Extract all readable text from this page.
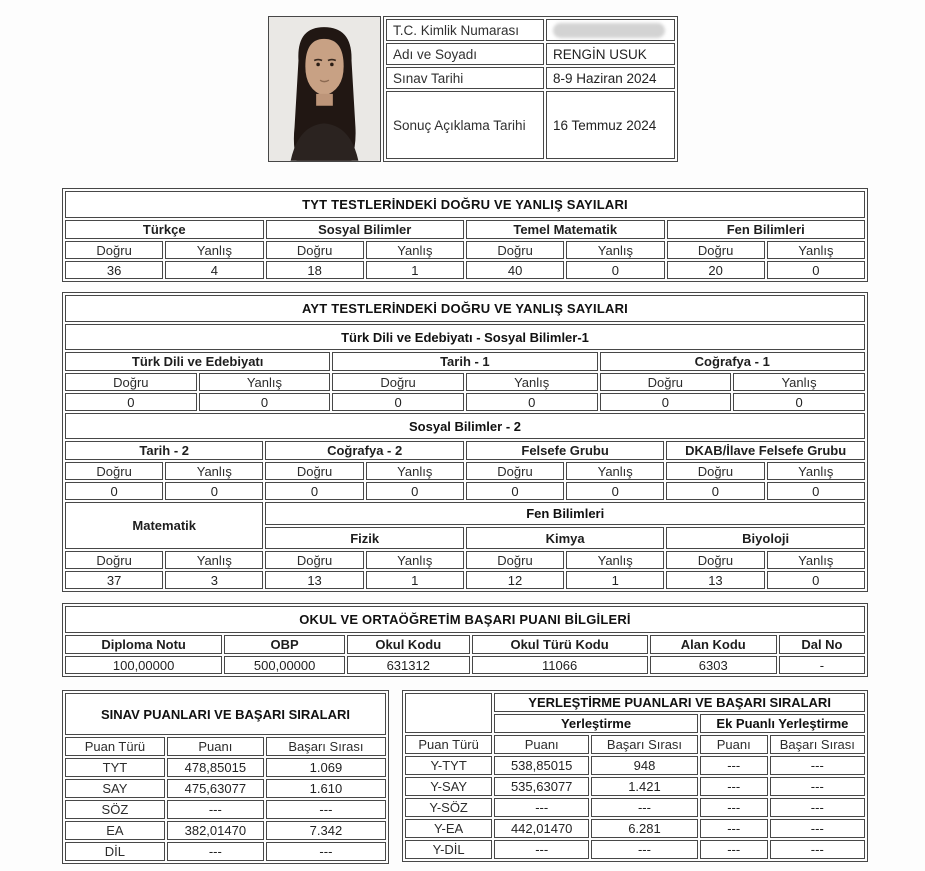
T.C. Kimlik Numarası	

Adı ve Soyadı	RENGİN USUK
Sınav Tarihi	8-9 Haziran 2024
Sonuç Açıklama Tarihi	16 Temmuz 2024
TYT TESTLERİNDEKİ DOĞRU VE YANLIŞ SAYILARI							
Türkçe		Sosyal Bilimler		Temel Matematik		Fen Bilimleri	
Doğru	Yanlış	Doğru	Yanlış	Doğru	Yanlış	Doğru	Yanlış
36	4	18	1	40	0	20	0
AYT TESTLERİNDEKİ DOĞRU VE YANLIŞ SAYILARI											
Türk Dili ve Edebiyatı - Sosyal Bilimler-1											
Türk Dili ve Edebiyatı				Tarih - 1				Coğrafya - 1			
Doğru		Yanlış		Doğru		Yanlış		Doğru		Yanlış	
0		0		0		0		0		0	
Sosyal Bilimler - 2											
Tarih - 2			Coğrafya - 2			Felsefe Grubu			DKAB/İlave Felsefe Grubu		
Doğru	Yanlış		Doğru		Yanlış	Doğru	Yanlış		Doğru		Yanlış
0	0		0		0	0	0		0		0
Matematik			Fen Bilimleri								
			Fizik			Kimya			Biyoloji		
Doğru	Yanlış		Doğru		Yanlış	Doğru	Yanlış		Doğru		Yanlış
37	3		13		1	12	1		13		0
OKUL VE ORTAÖĞRETİM BAŞARI PUANI BİLGİLERİ					
Diploma Notu	OBP	Okul Kodu	Okul Türü Kodu	Alan Kodu	Dal No
100,00000	500,00000	631312	11066	6303	-
SINAV PUANLARI VE BAŞARI SIRALARI		
Puan Türü	Puanı	Başarı Sırası
TYT	478,85015	1.069
SAY	475,63077	1.610
SÖZ	---	---
EA	382,01470	7.342
DİL	---	---
	YERLEŞTİRME PUANLARI VE BAŞARI SIRALARI			
	Yerleştirme		Ek Puanlı Yerleştirme	
Puan Türü	Puanı	Başarı Sırası	Puanı	Başarı Sırası
Y-TYT	538,85015	948	---	---
Y-SAY	535,63077	1.421	---	---
Y-SÖZ	---	---	---	---
Y-EA	442,01470	6.281	---	---
Y-DİL	---	---	---	---
